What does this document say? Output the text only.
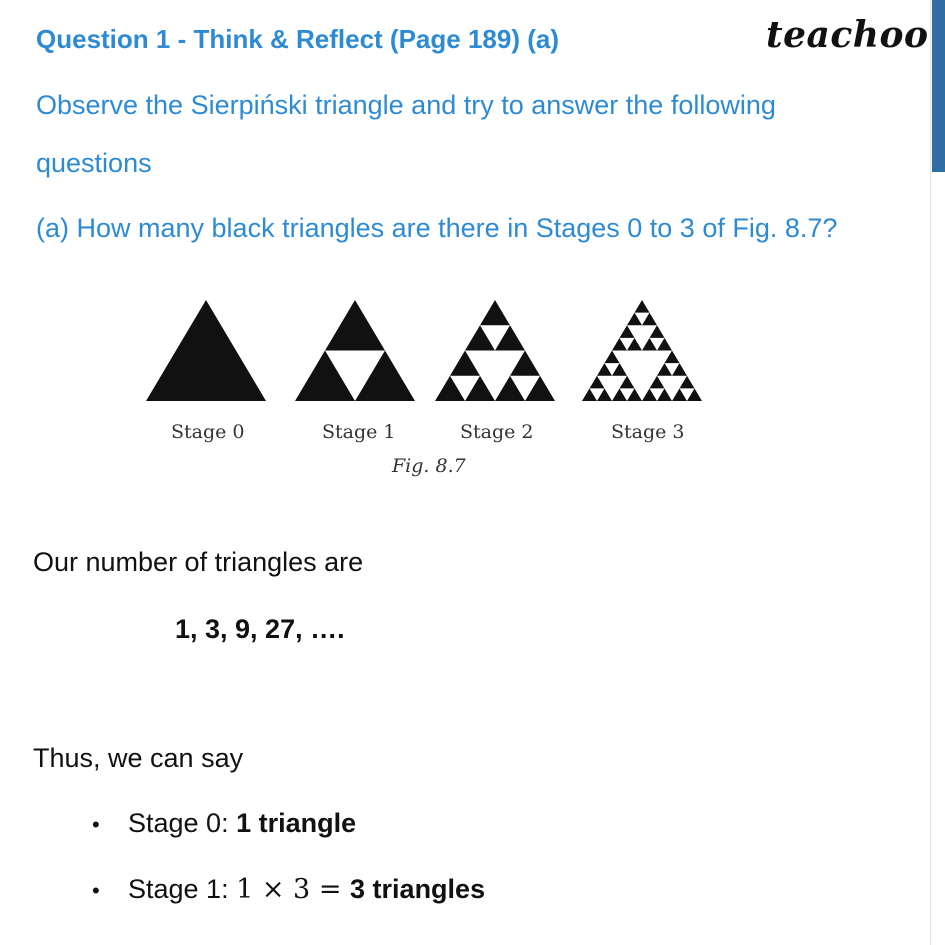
Question 1 - Think & Reflect (Page 189) (a)	teachoo
Observe the Sierpiński triangle and try to answer the following
questions
(a) How many black triangles are there in Stages 0 to 3 of Fig. 8.7?
Stage 0	Stage 1	Stage 2	Stage 3
Fig. 8.7
Our number of triangles are
1, 3, 9, 27, ….
Thus, we can say
• Stage 0: 1 triangle
• Stage 1: 1 × 3 = 3 triangles
